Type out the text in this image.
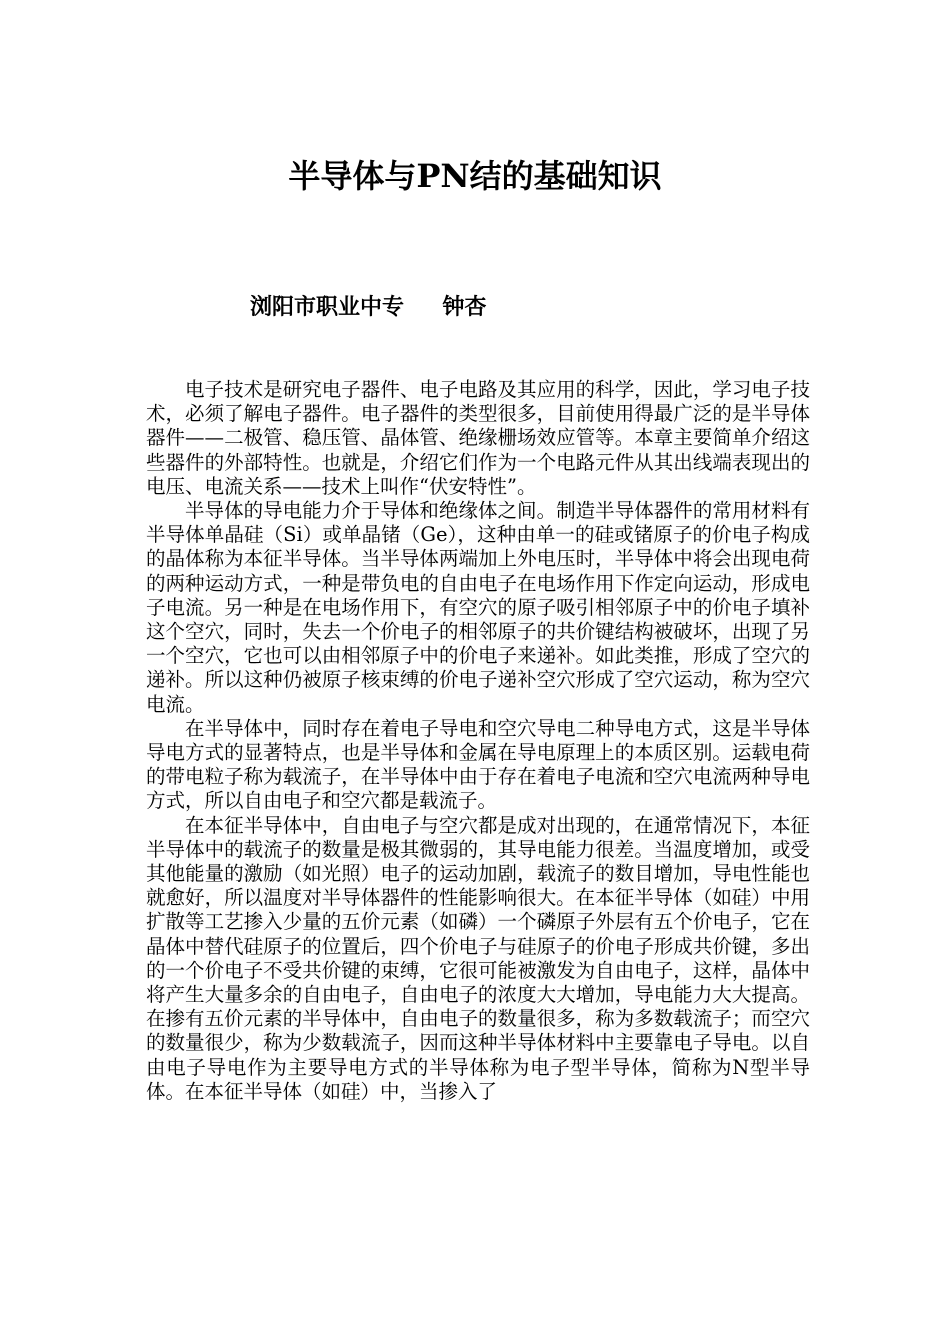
半导体与PN结的基础知识
浏阳市职业中专 钟杏

电子技术是研究电子器件、电子电路及其应用的科学，因此，学习电子技术，必须了解电子器件。电子器件的类型很多，目前使用得最广泛的是半导体器件——二极管、稳压管、晶体管、绝缘栅场效应管等。本章主要简单介绍这些器件的外部特性。也就是，介绍它们作为一个电路元件从其出线端表现出的电压、电流关系——技术上叫作“伏安特性”。

半导体的导电能力介于导体和绝缘体之间。制造半导体器件的常用材料有半导体单晶硅（Si）或单晶锗（Ge），这种由单一的硅或锗原子的价电子构成的晶体称为本征半导体。当半导体两端加上外电压时，半导体中将会出现电荷的两种运动方式，一种是带负电的自由电子在电场作用下作定向运动，形成电子电流。另一种是在电场作用下，有空穴的原子吸引相邻原子中的价电子填补这个空穴，同时，失去一个价电子的相邻原子的共价键结构被破坏，出现了另一个空穴，它也可以由相邻原子中的价电子来递补。如此类推，形成了空穴的递补。所以这种仍被原子核束缚的价电子递补空穴形成了空穴运动，称为空穴电流。

在半导体中，同时存在着电子导电和空穴导电二种导电方式，这是半导体导电方式的显著特点，也是半导体和金属在导电原理上的本质区别。运载电荷的带电粒子称为载流子，在半导体中由于存在着电子电流和空穴电流两种导电方式，所以自由电子和空穴都是载流子。

在本征半导体中，自由电子与空穴都是成对出现的，在通常情况下，本征半导体中的载流子的数量是极其微弱的，其导电能力很差。当温度增加，或受其他能量的激励（如光照）电子的运动加剧，载流子的数目增加，导电性能也就愈好，所以温度对半导体器件的性能影响很大。在本征半导体（如硅）中用扩散等工艺掺入少量的五价元素（如磷）一个磷原子外层有五个价电子，它在晶体中替代硅原子的位置后，四个价电子与硅原子的价电子形成共价键，多出的一个价电子不受共价键的束缚，它很可能被激发为自由电子，这样，晶体中将产生大量多余的自由电子，自由电子的浓度大大增加，导电能力大大提高。在掺有五价元素的半导体中，自由电子的数量很多，称为多数载流子；而空穴的数量很少，称为少数载流子，因而这种半导体材料中主要靠电子导电。以自由电子导电作为主要导电方式的半导体称为电子型半导体，简称为N型半导体。在本征半导体（如硅）中，当掺入了
